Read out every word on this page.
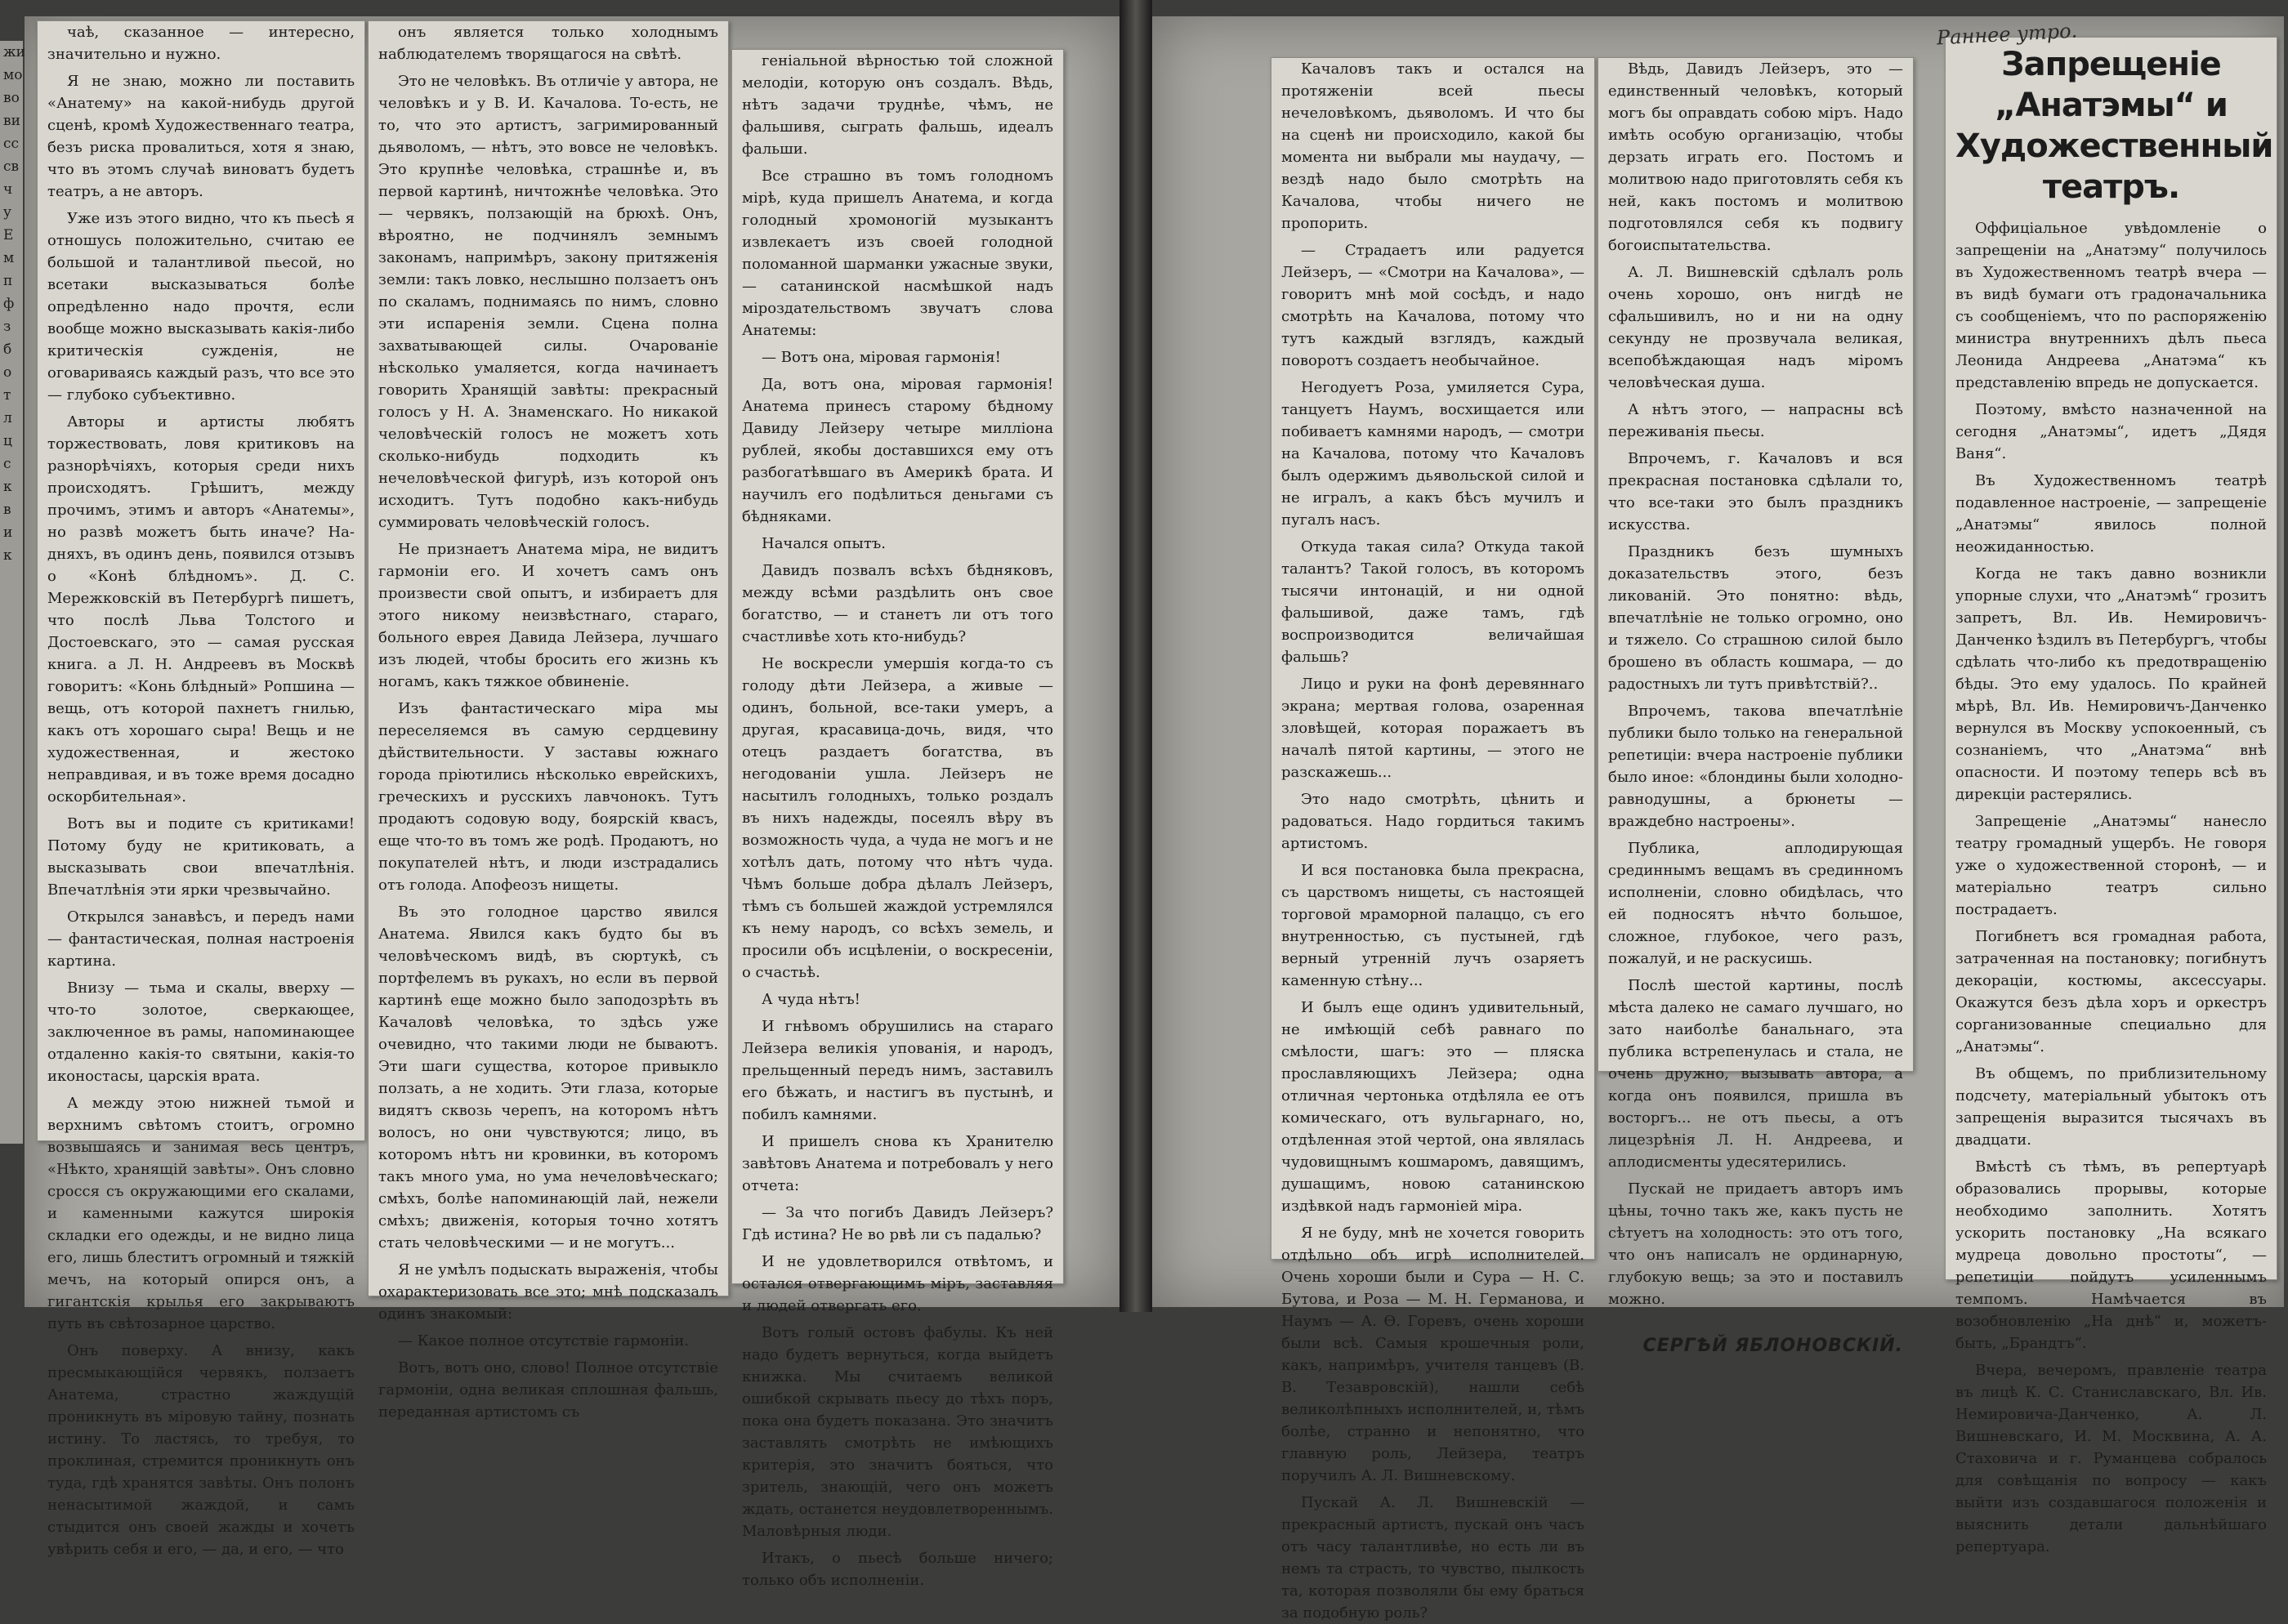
жи
мо
во
ви
сс
св
ч
у
Е
м
п
ф
з
б
о
т
л
ц
с
к
в
и
к

чаѣ, сказанное — интересно, значительно и нужно.

Я не знаю, можно ли поставить «Анатему» на какой-нибудь другой сценѣ, кромѣ Художественнаго театра, безъ риска провалиться, хотя я знаю, что въ этомъ случаѣ виноватъ будетъ театръ, а не авторъ.

Уже изъ этого видно, что къ пьесѣ я отношусь положительно, считаю ее большой и талантливой пьесой, но всетаки высказываться болѣе опредѣленно надо прочтя, если вообще можно высказывать какія-либо критическія сужденія, не оговариваясь каждый разъ, что все это — глубоко субъективно.

Авторы и артисты любятъ торжествовать, ловя критиковъ на разнорѣчіяхъ, которыя среди нихъ происходятъ. Грѣшитъ, между прочимъ, этимъ и авторъ «Анатемы», но развѣ можетъ быть иначе? На-дняхъ, въ одинъ день, появился отзывъ о «Конѣ блѣдномъ». Д. С. Мережковскій въ Петербургѣ пишетъ, что послѣ Льва Толстого и Достоевскаго, это — самая русская книга. а Л. Н. Андреевъ въ Москвѣ говоритъ: «Конь блѣдный» Ропшина — вещь, отъ которой пахнетъ гнилью, какъ отъ хорошаго сыра! Вещь и не художественная, и жестоко неправдивая, и въ тоже время досадно оскорбительная».

Вотъ вы и подите съ критиками! Потому буду не критиковать, а высказывать свои впечатлѣнія. Впечатлѣнія эти ярки чрезвычайно.

Открылся занавѣсъ, и передъ нами — фантастическая, полная настроенія картина.

Внизу — тьма и скалы, вверху — что-то золотое, сверкающее, заключенное въ рамы, напоминающее отдаленно какія-то святыни, какія-то иконостасы, царскія врата.

А между этою нижней тьмой и верхнимъ свѣтомъ стоитъ, огромно возвышаясь и занимая весь центръ, «Нѣкто, хранящій завѣты». Онъ словно сросся съ окружающими его скалами, и каменными кажутся широкія складки его одежды, и не видно лица его, лишь блеститъ огромный и тяжкій мечъ, на который опирся онъ, а гигантскія крылья его закрываютъ путь въ свѣтозарное царство.

Онъ поверху. А внизу, какъ пресмыкающійся червякъ, ползаетъ Анатема, страстно жаждущій проникнуть въ міровую тайну, познать истину. То ластясь, то требуя, то проклиная, стремится проникнуть онъ туда, гдѣ хранятся завѣты. Онъ полонъ ненасытимой жаждой, и самъ стыдится онъ своей жажды и хочетъ увѣрить себя и его, — да, и его, — что

онъ является только холоднымъ наблюдателемъ творящагося на свѣтѣ.

Это не человѣкъ. Въ отличіе у автора, не человѣкъ и у В. И. Качалова. То-есть, не то, что это артистъ, загримированный дьяволомъ, — нѣтъ, это вовсе не человѣкъ. Это крупнѣе человѣка, страшнѣе и, въ первой картинѣ, ничтожнѣе человѣка. Это — червякъ, ползающій на брюхѣ. Онъ, вѣроятно, не подчинялъ земнымъ законамъ, напримѣръ, закону притяженія земли: такъ ловко, неслышно ползаетъ онъ по скаламъ, поднимаясь по нимъ, словно эти испаренія земли. Сцена полна захватывающей силы. Очарованіе нѣсколько умаляется, когда начинаетъ говорить Хранящій завѣты: прекрасный голосъ у Н. А. Знаменскаго. Но никакой человѣческій голосъ не можетъ хоть сколько-нибудь подходить къ нечеловѣческой фигурѣ, изъ которой онъ исходитъ. Тутъ подобно какъ-нибудь суммировать человѣческій голосъ.

Не признаетъ Анатема міра, не видитъ гармоніи его. И хочетъ самъ онъ произвести свой опытъ, и избираетъ для этого никому неизвѣстнаго, стараго, больного еврея Давида Лейзера, лучшаго изъ людей, чтобы бросить его жизнь къ ногамъ, какъ тяжкое обвиненіе.

Изъ фантастическаго міра мы переселяемся въ самую сердцевину дѣйствительности. У заставы южнаго города пріютились нѣсколько еврейскихъ, греческихъ и русскихъ лавчонокъ. Тутъ продаютъ содовую воду, боярскій квасъ, еще что-то въ томъ же родѣ. Продаютъ, но покупателей нѣтъ, и люди изстрадались отъ голода. Апофеозъ нищеты.

Въ это голодное царство явился Анатема. Явился какъ будто бы въ человѣческомъ видѣ, въ сюртукѣ, съ портфелемъ въ рукахъ, но если въ первой картинѣ еще можно было заподозрѣть въ Качаловѣ человѣка, то здѣсь уже очевидно, что такими люди не бываютъ. Эти шаги существа, которое привыкло ползать, а не ходить. Эти глаза, которые видятъ сквозь черепъ, на которомъ нѣтъ волосъ, но они чувствуются; лицо, въ которомъ нѣтъ ни кровинки, въ которомъ такъ много ума, но ума нечеловѣческаго; смѣхъ, болѣе напоминающій лай, нежели смѣхъ; движенія, которыя точно хотятъ стать человѣческими — и не могутъ...

Я не умѣлъ подыскать выраженія, чтобы охарактеризовать все это; мнѣ подсказалъ одинъ знакомый:

— Какое полное отсутствіе гармоніи.

Вотъ, вотъ оно, слово! Полное отсутствіе гармоніи, одна великая сплошная фальшь, переданная артистомъ съ

геніальной вѣрностью той сложной мелодіи, которую онъ создалъ. Вѣдь, нѣтъ задачи труднѣе, чѣмъ, не фальшивя, сыграть фальшь, идеалъ фальши.

Все страшно въ томъ голодномъ мірѣ, куда пришелъ Анатема, и когда голодный хромоногій музыкантъ извлекаетъ изъ своей голодной поломанной шарманки ужасные звуки, — сатанинской насмѣшкой надъ міроздательствомъ звучатъ слова Анатемы:

— Вотъ она, міровая гармонія!

Да, вотъ она, міровая гармонія! Анатема принесъ старому бѣдному Давиду Лейзеру четыре милліона рублей, якобы доставшихся ему отъ разбогатѣвшаго въ Америкѣ брата. И научилъ его подѣлиться деньгами съ бѣдняками.

Начался опытъ.

Давидъ позвалъ всѣхъ бѣдняковъ, между всѣми раздѣлить онъ свое богатство, — и станетъ ли отъ того счастливѣе хоть кто-нибудь?

Не воскресли умершія когда-то съ голоду дѣти Лейзера, а живые — одинъ, больной, все-таки умеръ, а другая, красавица-дочь, видя, что отецъ раздаетъ богатства, въ негодованіи ушла. Лейзеръ не насытилъ голодныхъ, только роздалъ въ нихъ надежды, посеялъ вѣру въ возможность чуда, а чуда не могъ и не хотѣлъ дать, потому что нѣтъ чуда. Чѣмъ больше добра дѣлалъ Лейзеръ, тѣмъ съ большей жаждой устремлялся къ нему народъ, со всѣхъ земель, и просили объ исцѣленіи, о воскресеніи, о счастьѣ.

А чуда нѣтъ!

И гнѣвомъ обрушились на стараго Лейзера великія упованія, и народъ, прельщенный передъ нимъ, заставилъ его бѣжать, и настигъ въ пустынѣ, и побилъ камнями.

И пришелъ снова къ Хранителю завѣтовъ Анатема и потребовалъ у него отчета:

— За что погибъ Давидъ Лейзеръ? Гдѣ истина? Не во рвѣ ли съ падалью?

И не удовлетворился отвѣтомъ, и остался отвергающимъ міръ, заставляя и людей отвергать его.

Вотъ голый остовъ фабулы. Къ ней надо будетъ вернуться, когда выйдетъ книжка. Мы считаемъ великой ошибкой скрывать пьесу до тѣхъ поръ, пока она будетъ показана. Это значитъ заставлять смотрѣть не имѣющихъ критерія, это значитъ бояться, что зритель, знающій, чего онъ можетъ ждать, останется неудовлетвореннымъ. Маловѣрныя люди.

Итакъ, о пьесѣ больше ничего; только объ исполненіи.

Качаловъ такъ и остался на протяженіи всей пьесы нечеловѣкомъ, дьяволомъ. И что бы на сценѣ ни происходило, какой бы момента ни выбрали мы наудачу, — вездѣ надо было смотрѣть на Качалова, чтобы ничего не пропорить.

— Страдаетъ или радуется Лейзеръ, — «Смотри на Качалова», — говоритъ мнѣ мой сосѣдъ, и надо смотрѣть на Качалова, потому что тутъ каждый взглядъ, каждый поворотъ создаетъ необычайное.

Негодуетъ Роза, умиляется Сура, танцуетъ Наумъ, восхищается или побиваетъ камнями народъ, — смотри на Качалова, потому что Качаловъ былъ одержимъ дьявольской силой и не игралъ, а какъ бѣсъ мучилъ и пугалъ насъ.

Откуда такая сила? Откуда такой талантъ? Такой голосъ, въ которомъ тысячи интонацій, и ни одной фальшивой, даже тамъ, гдѣ воспроизводится величайшая фальшь?

Лицо и руки на фонѣ деревяннаго экрана; мертвая голова, озаренная зловѣщей, которая поражаетъ въ началѣ пятой картины, — этого не разскажешь...

Это надо смотрѣть, цѣнить и радоваться. Надо гордиться такимъ артистомъ.

И вся постановка была прекрасна, съ царствомъ нищеты, съ настоящей торговой мраморной палаццо, съ его внутренностью, съ пустыней, гдѣ верный утренній лучъ озаряетъ каменную стѣну...

И былъ еще одинъ удивительный, не имѣющій себѣ равнаго по смѣлости, шагъ: это — пляска прославляющихъ Лейзера; одна отличная чертонька отдѣляла ее отъ комическаго, отъ вульгарнаго, но, отдѣленная этой чертой, она являлась чудовищнымъ кошмаромъ, давящимъ, душащимъ, новою сатанинскою издѣвкой надъ гармоніей міра.

Я не буду, мнѣ не хочется говорить отдѣльно объ игрѣ исполнителей. Очень хороши были и Сура — Н. С. Бутова, и Роза — М. Н. Германова, и Наумъ — А. Ѳ. Горевъ, очень хороши были всѣ. Самыя крошечныя роли, какъ, напримѣръ, учителя танцевъ (В. В. Тезавровскій), нашли себѣ великолѣпныхъ исполнителей, и, тѣмъ болѣе, странно и непонятно, что главную роль, Лейзера, театръ поручилъ А. Л. Вишневскому.

Пускай А. Л. Вишневскій — прекрасный артистъ, пускай онъ часъ отъ часу талантливѣе, но есть ли въ немъ та страсть, то чувство, пылкость та, которая позволяли бы ему браться за подобную роль?

Вѣдь, Давидъ Лейзеръ, это — единственный человѣкъ, который могъ бы оправдать собою міръ. Надо имѣть особую организацію, чтобы дерзать играть его. Постомъ и молитвою надо приготовлять себя къ ней, какъ постомъ и молитвою подготовлялся себя къ подвигу богоиспытательства.

А. Л. Вишневскій сдѣлалъ роль очень хорошо, онъ нигдѣ не сфальшивилъ, но и ни на одну секунду не прозвучала великая, всепобѣждающая надъ міромъ человѣческая душа.

А нѣтъ этого, — напрасны всѣ переживанія пьесы.

Впрочемъ, г. Качаловъ и вся прекрасная постановка сдѣлали то, что все-таки это былъ праздникъ искусства.

Праздникъ безъ шумныхъ доказательствъ этого, безъ ликованій. Это понятно: вѣдь, впечатлѣніе не только огромно, оно и тяжело. Со страшною силой было брошено въ область кошмара, — до радостныхъ ли тутъ привѣтствій?..

Впрочемъ, такова впечатлѣніе публики было только на генеральной репетиціи: вчера настроеніе публики было иное: «блондины были холодно-равнодушны, а брюнеты — враждебно настроены».

Публика, аплодирующая срединнымъ вещамъ въ срединномъ исполненіи, словно обидѣлась, что ей подносятъ нѣчто большое, сложное, глубокое, чего разъ, пожалуй, и не раскусишь.

Послѣ шестой картины, послѣ мѣста далеко не самаго лучшаго, но зато наиболѣе банальнаго, эта публика встрепенулась и стала, не очень дружно, вызывать автора, а когда онъ появился, пришла въ восторгъ... не отъ пьесы, а отъ лицезрѣнія Л. Н. Андреева, и аплодисменты удесятерились.

Пускай не придаетъ авторъ имъ цѣны, точно такъ же, какъ пусть не сѣтуетъ на холодность: это отъ того, что онъ написалъ не ординарную, глубокую вещь; за это и поставилъ можно.

СЕРГѢЙ ЯБЛОНОВСКІЙ.
Запрещеніе „Анатэмы“ и Художественный театръ.

Оффиціальное увѣдомленіе о запрещеніи на „Анатэму“ получилось въ Художественномъ театрѣ вчера — въ видѣ бумаги отъ градоначальника съ сообщеніемъ, что по распоряженію министра внутреннихъ дѣлъ пьеса Леонида Андреева „Анатэма“ къ представленію впредь не допускается.

Поэтому, вмѣсто назначенной на сегодня „Анатэмы“, идетъ „Дядя Ваня“.

Въ Художественномъ театрѣ подавленное настроеніе, — запрещеніе „Анатэмы“ явилось полной неожиданностью.

Когда не такъ давно возникли упорные слухи, что „Анатэмѣ“ грозитъ запретъ, Вл. Ив. Немировичъ-Данченко ѣздилъ въ Петербургъ, чтобы сдѣлать что-либо къ предотвращенію бѣды. Это ему удалось. По крайней мѣрѣ, Вл. Ив. Немировичъ-Данченко вернулся въ Москву успокоенный, съ сознаніемъ, что „Анатэма“ внѣ опасности. И поэтому теперь всѣ въ дирекціи растерялись.

Запрещеніе „Анатэмы“ нанесло театру громадный ущербъ. Не говоря уже о художественной сторонѣ, — и матеріально театръ сильно пострадаетъ.

Погибнетъ вся громадная работа, затраченная на постановку; погибнутъ декораціи, костюмы, аксессуары. Окажутся безъ дѣла хоръ и оркестръ сорганизованные специально для „Анатэмы“.

Въ общемъ, по приблизительному подсчету, матеріальный убытокъ отъ запрещенія выразится тысячахъ въ двадцати.

Вмѣстѣ съ тѣмъ, въ репертуарѣ образовались прорывы, которые необходимо заполнить. Хотятъ ускорить постановку „На всякаго мудреца довольно простоты“, — репетиціи пойдутъ усиленнымъ темпомъ. Намѣчается въ возобновленію „На днѣ“ и, можетъ-быть, „Брандтъ“.

Вчера, вечеромъ, правленіе театра въ лицѣ К. С. Станиславскаго, Вл. Ив. Немировича-Данченко, А. Л. Вишневскаго, И. М. Москвина, А. А. Стаховича и г. Руманцева собралось для совѣщанія по вопросу — какъ выйти изъ создавшагося положенія и выяснить детали дальнѣйшаго репертуара.

Раннее утро.
